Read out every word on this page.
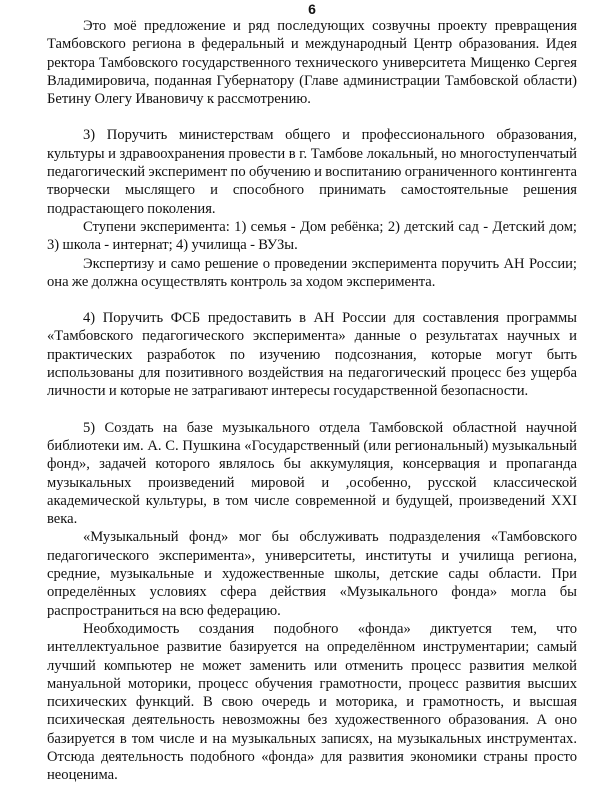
6

Это моё предложение и ряд последующих созвучны проекту превращения Тамбовского региона в федеральный и международный Центр образования. Идея ректора Тамбовского государственного технического университета Мищенко Сергея Владимировича, поданная Губернатору (Главе администрации Тамбовской области) Бетину Олегу Ивановичу к рассмотрению.

3) Поручить министерствам общего и профессионального образования, культуры и здравоохранения провести в г. Тамбове локальный, но многоступенчатый педагогический эксперимент по обучению и воспитанию ограниченного контингента творчески мыслящего и способного принимать самостоятельные решения подрастающего поколения.

Ступени эксперимента: 1) семья - Дом ребёнка; 2) детский сад - Детский дом; 3) школа - интернат; 4) училища - ВУЗы.

Экспертизу и само решение о проведении эксперимента поручить АН России; она же должна осуществлять контроль за ходом эксперимента.

4) Поручить ФСБ предоставить в АН России для составления программы «Тамбовского педагогического эксперимента» данные о результатах научных и практических разработок по изучению подсознания, которые могут быть использованы для позитивного воздействия на педагогический процесс без ущерба личности и которые не затрагивают интересы государственной безопасности.

5) Создать на базе музыкального отдела Тамбовской областной научной библиотеки им. А. С. Пушкина «Государственный (или региональный) музыкальный фонд», задачей которого являлось бы аккумуляция, консервация и пропаганда музыкальных произведений мировой и ,особенно, русской классической академической культуры, в том числе современной и будущей, произведений XXI века.

«Музыкальный фонд» мог бы обслуживать подразделения «Тамбовского педагогического эксперимента», университеты, институты и училища региона, средние, музыкальные и художественные школы, детские сады области. При определённых условиях сфера действия «Музыкального фонда» могла бы распространиться на всю федерацию.

Необходимость создания подобного «фонда» диктуется тем, что интеллектуальное развитие базируется на определённом инструментарии; самый лучший компьютер не может заменить или отменить процесс развития мелкой мануальной моторики, процесс обучения грамотности, процесс развития высших психических функций. В свою очередь и моторика, и грамотность, и высшая психическая деятельность невозможны без художественного образования. А оно базируется в том числе и на музыкальных записях, на музыкальных инструментах. Отсюда деятельность подобного «фонда» для развития экономики страны просто неоценима.
